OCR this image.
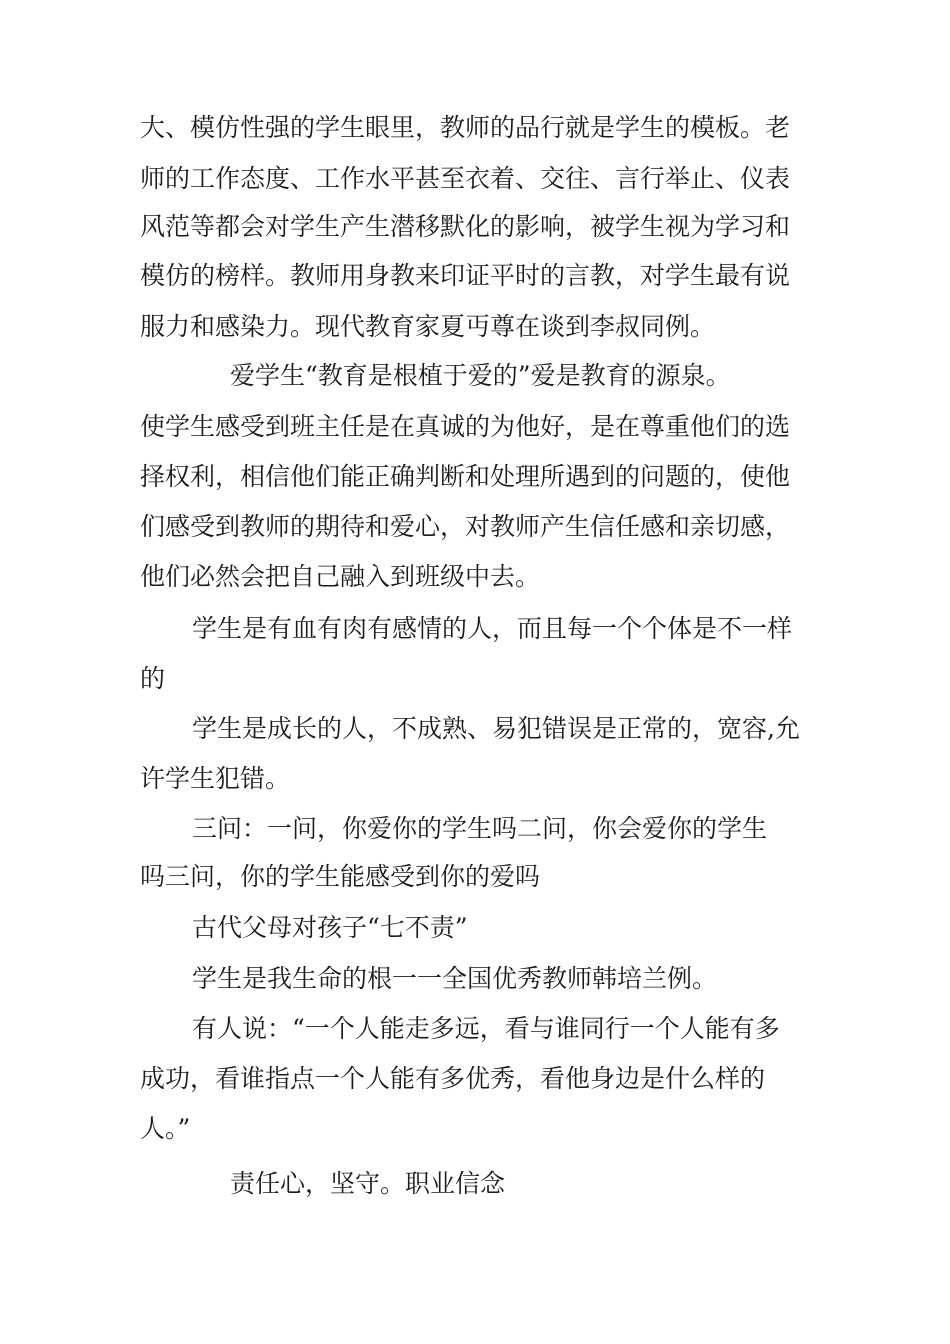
大、模仿性强的学生眼里，教师的品行就是学生的模板。老

师的工作态度、工作水平甚至衣着、交往、言行举止、仪表

风范等都会对学生产生潜移默化的影响，被学生视为学习和

模仿的榜样。教师用身教来印证平时的言教，对学生最有说

服力和感染力。现代教育家夏丏尊在谈到李叔同例。

爱学生“教育是根植于爱的”爱是教育的源泉。

使学生感受到班主任是在真诚的为他好，是在尊重他们的选

择权利，相信他们能正确判断和处理所遇到的问题的，使他

们感受到教师的期待和爱心，对教师产生信任感和亲切感，

他们必然会把自己融入到班级中去。

学生是有血有肉有感情的人，而且每一个个体是不一样

的

学生是成长的人，不成熟、易犯错误是正常的，宽容,允

许学生犯错。

三问：一问，你爱你的学生吗二问，你会爱你的学生

吗三问，你的学生能感受到你的爱吗

古代父母对孩子“七不责”

学生是我生命的根一一全国优秀教师韩培兰例。

有人说：“一个人能走多远，看与谁同行一个人能有多

成功，看谁指点一个人能有多优秀，看他身边是什么样的

人。”

责任心，坚守。职业信念
